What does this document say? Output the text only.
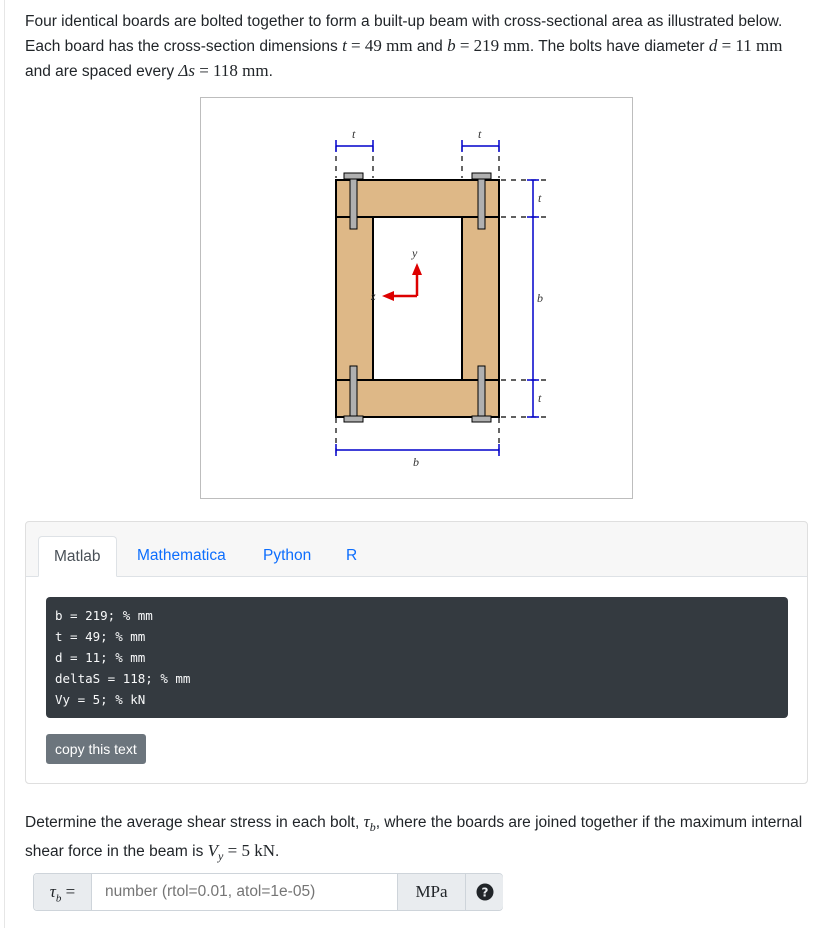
Four identical boards are bolted together to form a built-up beam with cross-sectional area as illustrated below. Each board has the cross-section dimensions t = 49 mm and b = 219 mm. The bolts have diameter d = 11 mm and are spaced every Δs = 118 mm.

t	t
t
b
t
b
y
z
Matlab	Mathematica	Python	R
b = 219; % mm
t = 49; % mm
d = 11; % mm
deltaS = 118; % mm
Vy = 5; % kN
copy this text

Determine the average shear stress in each bolt, $\tau_b$, where the boards are joined together if the maximum internal shear force in the beam is $V_y = 5$ kN.

$\tau_b$ =
number (rtol=0.01, atol=1e-05)	MPa	?
